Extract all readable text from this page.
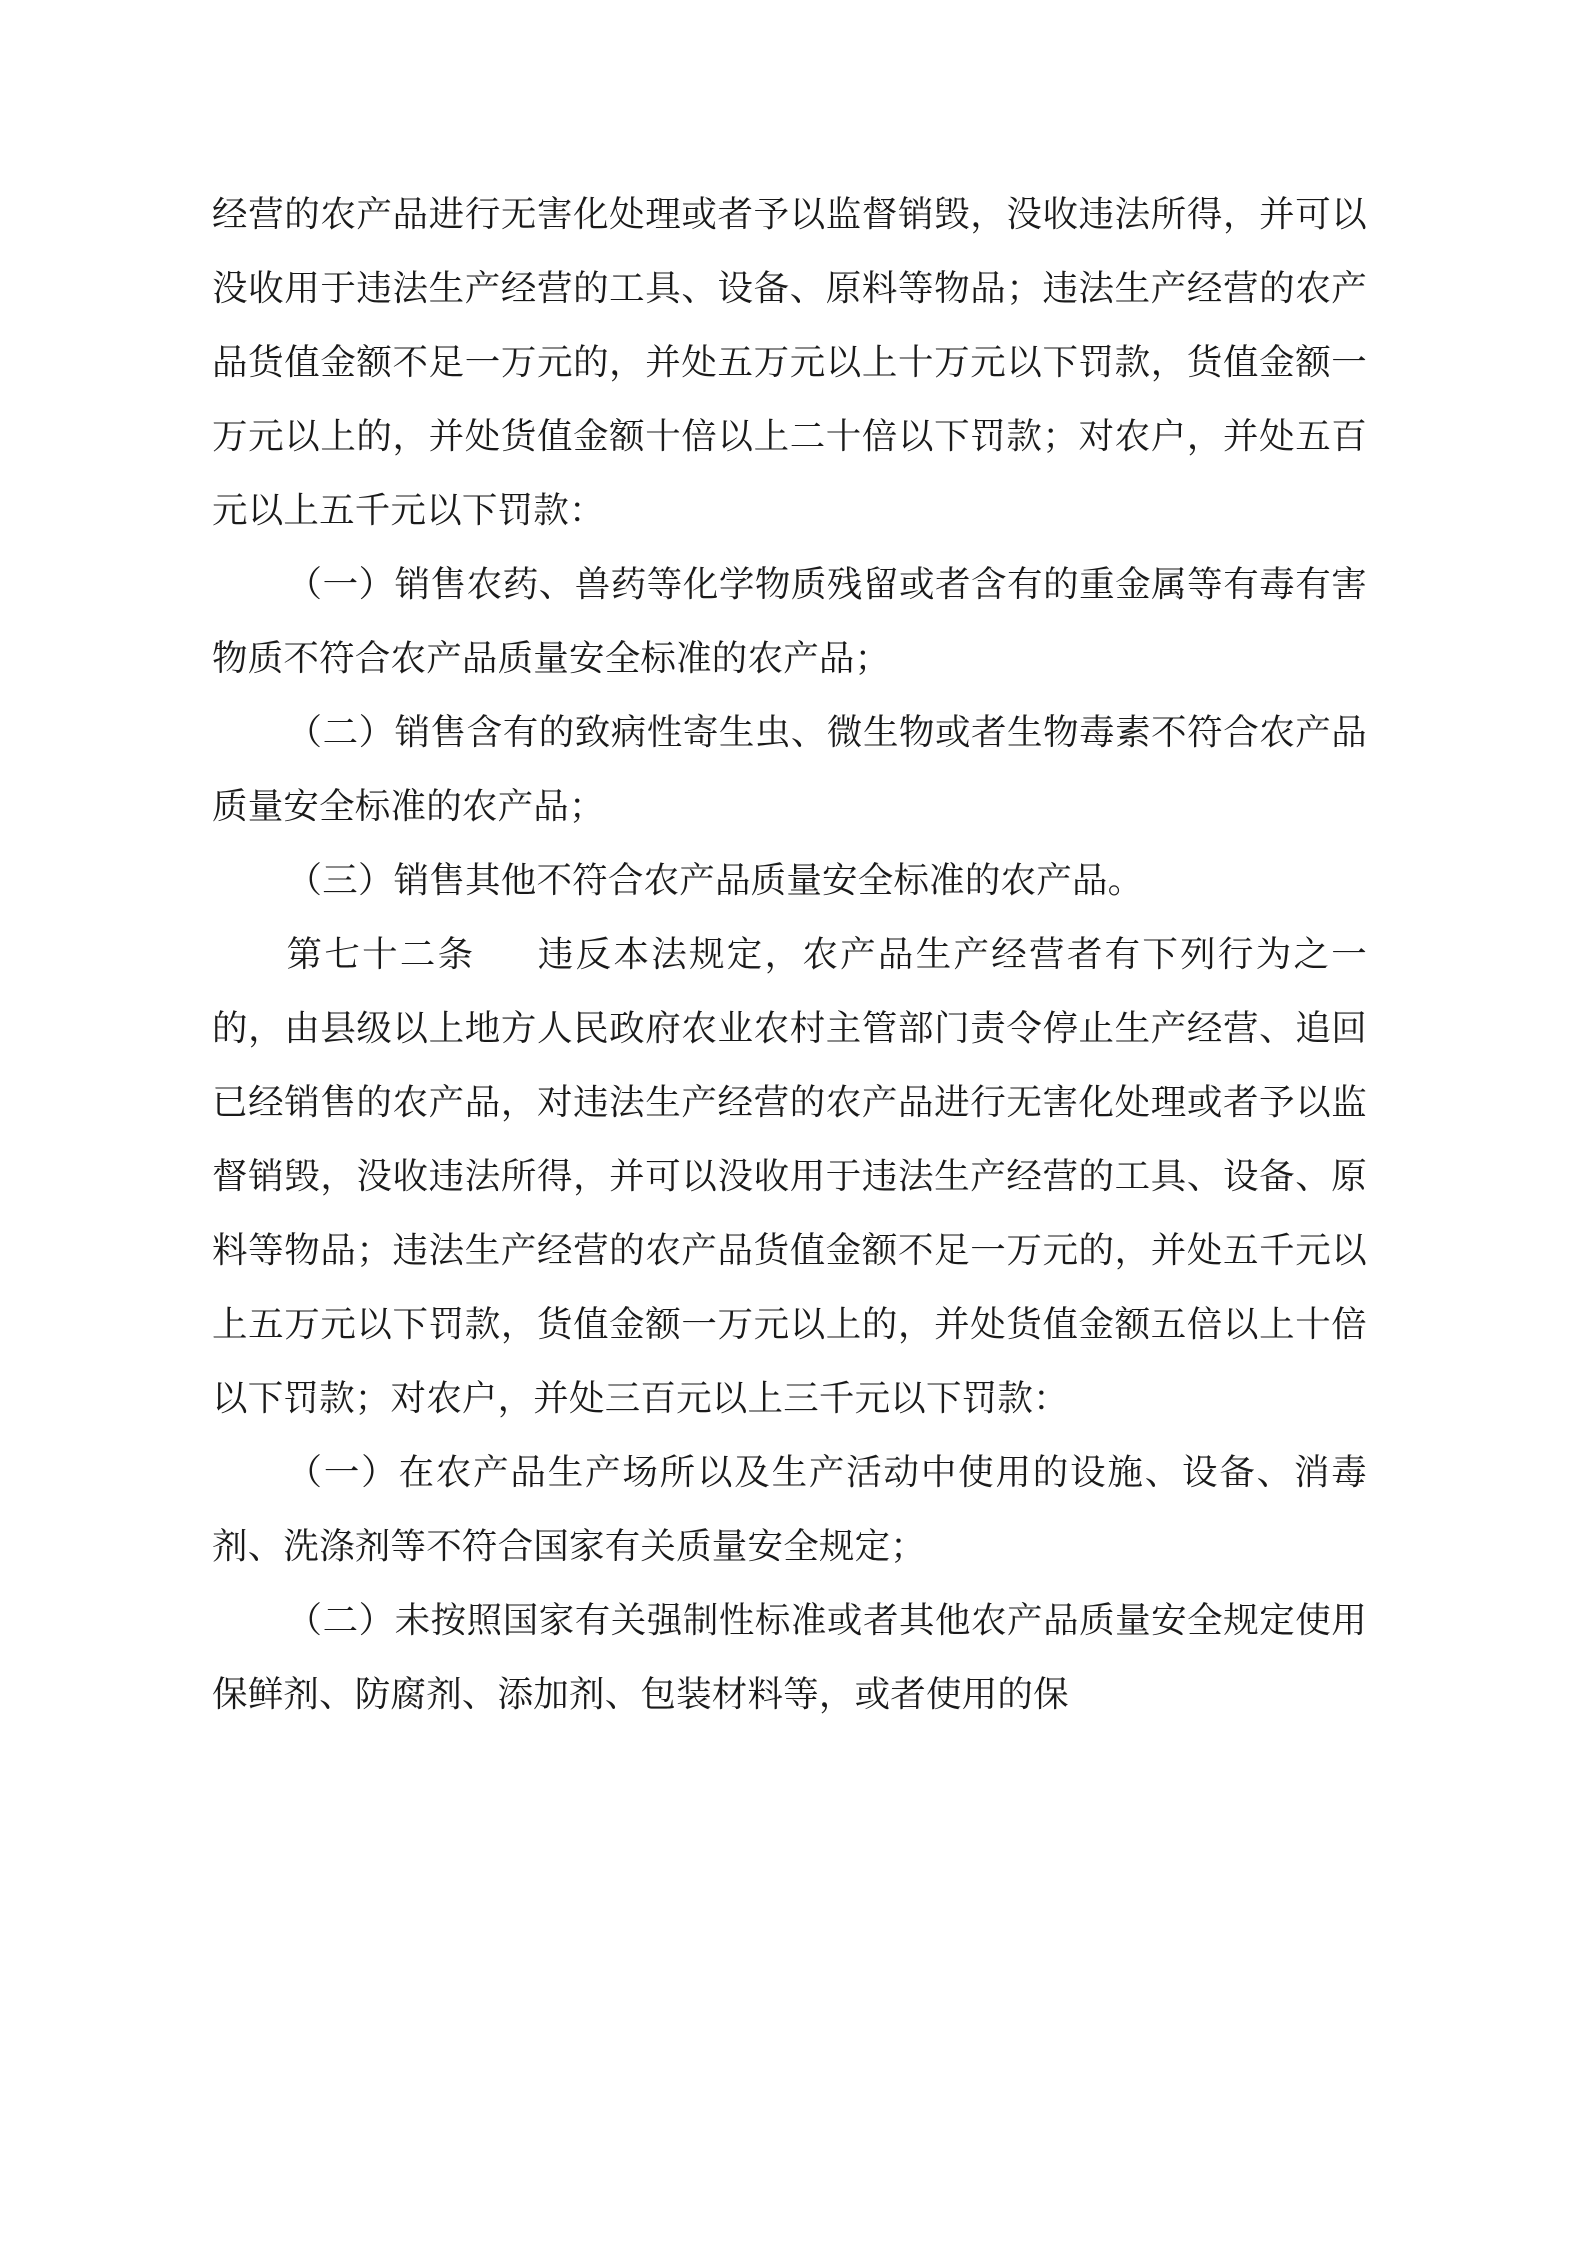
经营的农产品进行无害化处理或者予以监督销毁，没收违法所得，并可以没收用于违法生产经营的工具、设备、原料等物品；违法生产经营的农产品货值金额不足一万元的，并处五万元以上十万元以下罚款，货值金额一万元以上的，并处货值金额十倍以上二十倍以下罚款；对农户，并处五百元以上五千元以下罚款：

（一）销售农药、兽药等化学物质残留或者含有的重金属等有毒有害物质不符合农产品质量安全标准的农产品；

（二）销售含有的致病性寄生虫、微生物或者生物毒素不符合农产品质量安全标准的农产品；

（三）销售其他不符合农产品质量安全标准的农产品。

第七十二条 违反本法规定，农产品生产经营者有下列行为之一的，由县级以上地方人民政府农业农村主管部门责令停止生产经营、追回已经销售的农产品，对违法生产经营的农产品进行无害化处理或者予以监督销毁，没收违法所得，并可以没收用于违法生产经营的工具、设备、原料等物品；违法生产经营的农产品货值金额不足一万元的，并处五千元以上五万元以下罚款，货值金额一万元以上的，并处货值金额五倍以上十倍以下罚款；对农户，并处三百元以上三千元以下罚款：

（一）在农产品生产场所以及生产活动中使用的设施、设备、消毒剂、洗涤剂等不符合国家有关质量安全规定；

（二）未按照国家有关强制性标准或者其他农产品质量安全规定使用保鲜剂、防腐剂、添加剂、包装材料等，或者使用的保
